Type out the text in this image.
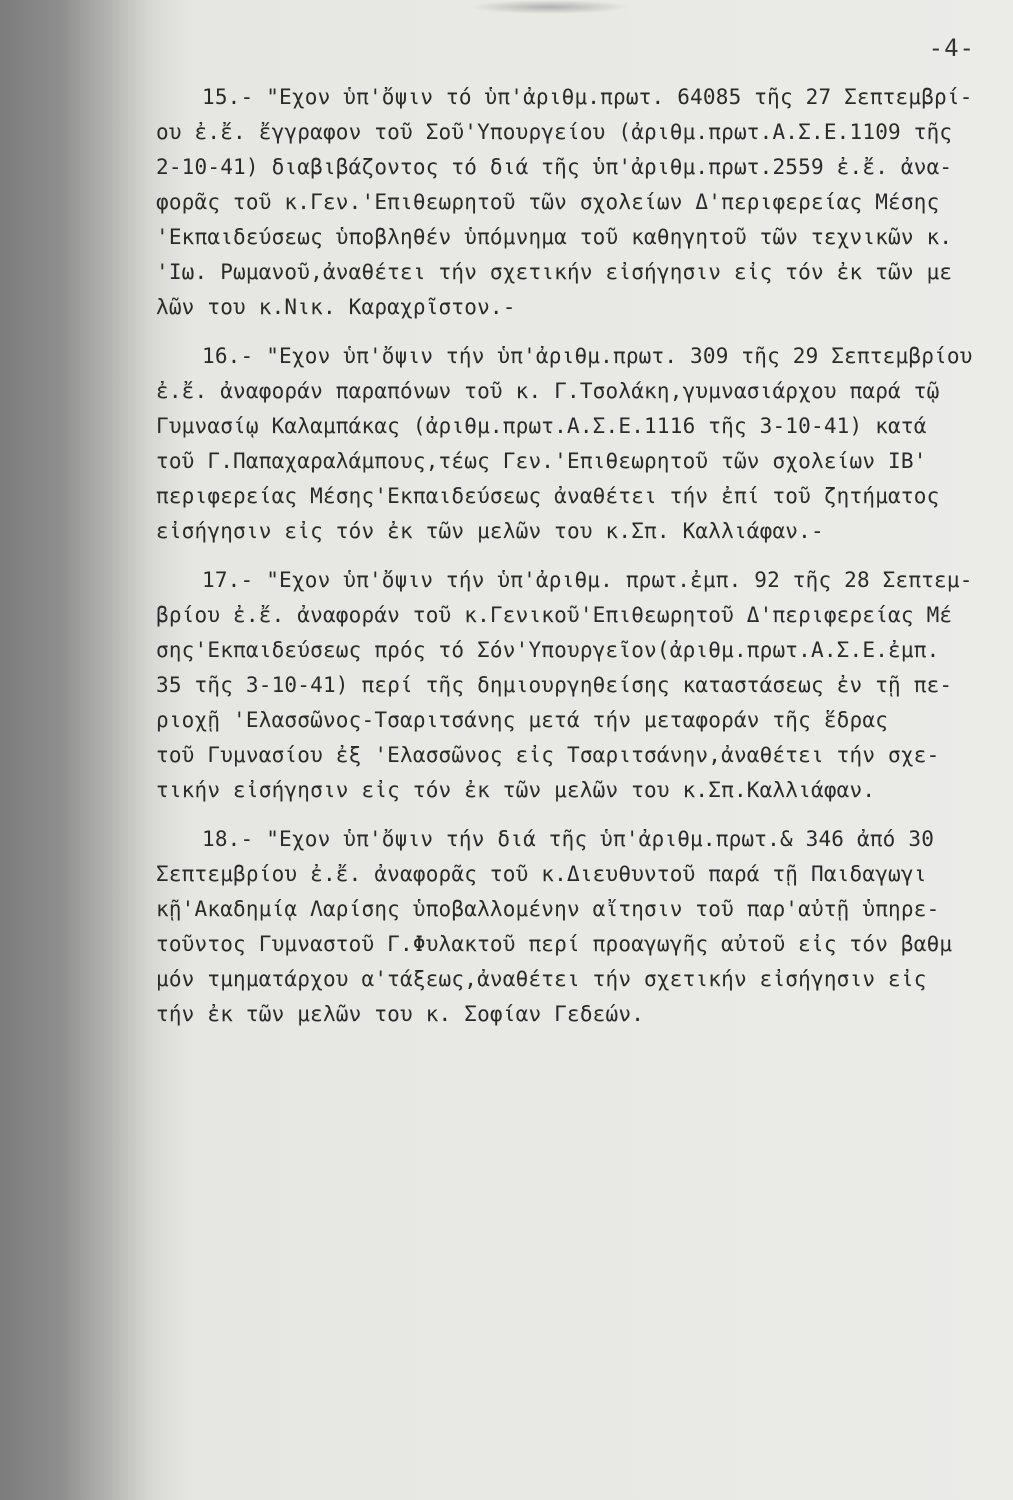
-4-
15.- "Εχον ὑπ'ὄψιν τό ὑπ'ἀριθμ.πρωτ. 64085 τῆς 27 Σεπτεμβρί-
ου ἐ.ἔ. ἔγγραφον τοῦ Σοῦ'Υπουργείου (ἀριθμ.πρωτ.Α.Σ.Ε.1109 τῆς
2-10-41) διαβιβάζοντος τό διά τῆς ὑπ'ἀριθμ.πρωτ.2559 ἐ.ἔ. ἀνα-
φορᾶς τοῦ κ.Γεν.'Επιθεωρητοῦ τῶν σχολείων Δ'περιφερείας Μέσης
'Εκπαιδεύσεως ὑποβληθέν ὑπόμνημα τοῦ καθηγητοῦ τῶν τεχνικῶν κ.
'Ιω. Ρωμανοῦ,ἀναθέτει τήν σχετικήν εἰσήγησιν εἰς τόν ἐκ τῶν με
λῶν του κ.Νικ. Καραχρῖστον.-
16.- "Εχον ὑπ'ὄψιν τήν ὑπ'ἀριθμ.πρωτ. 309 τῆς 29 Σεπτεμβρίου
ἐ.ἔ. ἀναφοράν παραπόνων τοῦ κ. Γ.Τσολάκη,γυμνασιάρχου παρά τῷ
Γυμνασίῳ Καλαμπάκας (ἀριθμ.πρωτ.Α.Σ.Ε.1116 τῆς 3-10-41) κατά
τοῦ Γ.Παπαχαραλάμπους,τέως Γεν.'Επιθεωρητοῦ τῶν σχολείων ΙΒ'
περιφερείας Μέσης'Εκπαιδεύσεως ἀναθέτει τήν ἐπί τοῦ ζητήματος
εἰσήγησιν εἰς τόν ἐκ τῶν μελῶν του κ.Σπ. Καλλιάφαν.-
17.- "Εχον ὑπ'ὄψιν τήν ὑπ'ἀριθμ. πρωτ.ἐμπ. 92 τῆς 28 Σεπτεμ-
βρίου ἐ.ἔ. ἀναφοράν τοῦ κ.Γενικοῦ'Επιθεωρητοῦ Δ'περιφερείας Μέ
σης'Εκπαιδεύσεως πρός τό Σόν'Υπουργεῖον(ἀριθμ.πρωτ.Α.Σ.Ε.ἐμπ.
35 τῆς 3-10-41) περί τῆς δημιουργηθείσης καταστάσεως ἐν τῇ πε-
ριοχῇ 'Ελασσῶνος-Τσαριτσάνης μετά τήν μεταφοράν τῆς ἕδρας
τοῦ Γυμνασίου ἐξ 'Ελασσῶνος εἰς Τσαριτσάνην,ἀναθέτει τήν σχε-
τικήν εἰσήγησιν εἰς τόν ἐκ τῶν μελῶν του κ.Σπ.Καλλιάφαν.
18.- "Εχον ὑπ'ὄψιν τήν διά τῆς ὑπ'ἀριθμ.πρωτ.& 346 ἀπό 30
Σεπτεμβρίου ἐ.ἔ. ἀναφορᾶς τοῦ κ.Διευθυντοῦ παρά τῇ Παιδαγωγι
κῇ'Ακαδημίᾳ Λαρίσης ὑποβαλλομένην αἴτησιν τοῦ παρ'αὐτῇ ὑπηρε-
τοῦντος Γυμναστοῦ Γ.Φυλακτοῦ περί προαγωγῆς αὐτοῦ εἰς τόν βαθμ
μόν τμηματάρχου α'τάξεως,ἀναθέτει τήν σχετικήν εἰσήγησιν εἰς
τήν ἐκ τῶν μελῶν του κ. Σοφίαν Γεδεών.
